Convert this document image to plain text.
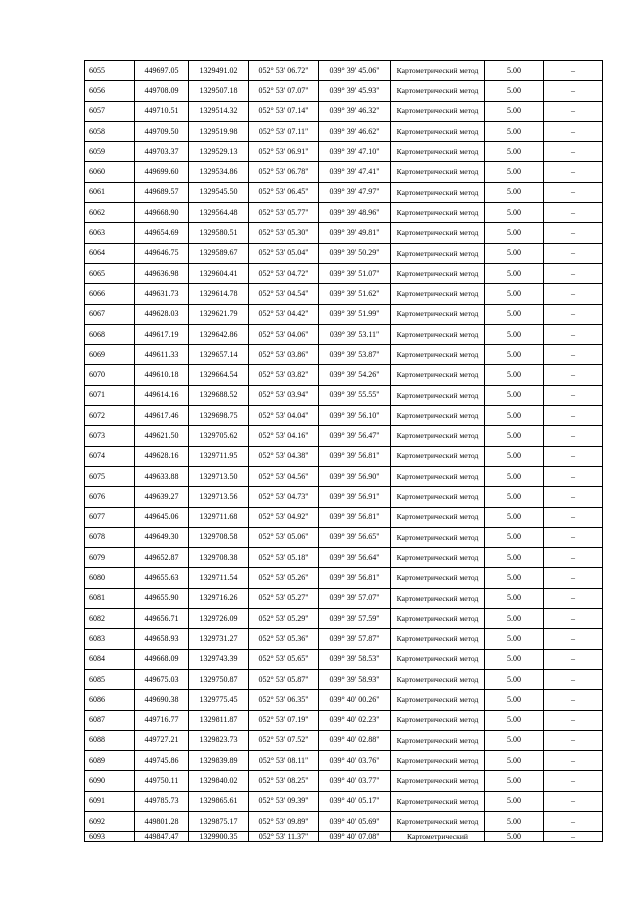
6055	449697.05	1329491.02	052° 53' 06.72"	039° 39' 45.06"	Картометрический метод	5.00	–
6056	449708.09	1329507.18	052° 53' 07.07"	039° 39' 45.93"	Картометрический метод	5.00	–
6057	449710.51	1329514.32	052° 53' 07.14"	039° 39' 46.32"	Картометрический метод	5.00	–
6058	449709.50	1329519.98	052° 53' 07.11"	039° 39' 46.62"	Картометрический метод	5.00	–
6059	449703.37	1329529.13	052° 53' 06.91"	039° 39' 47.10"	Картометрический метод	5.00	–
6060	449699.60	1329534.86	052° 53' 06.78"	039° 39' 47.41"	Картометрический метод	5.00	–
6061	449689.57	1329545.50	052° 53' 06.45"	039° 39' 47.97"	Картометрический метод	5.00	–
6062	449668.90	1329564.48	052° 53' 05.77"	039° 39' 48.96"	Картометрический метод	5.00	–
6063	449654.69	1329580.51	052° 53' 05.30"	039° 39' 49.81"	Картометрический метод	5.00	–
6064	449646.75	1329589.67	052° 53' 05.04"	039° 39' 50.29"	Картометрический метод	5.00	–
6065	449636.98	1329604.41	052° 53' 04.72"	039° 39' 51.07"	Картометрический метод	5.00	–
6066	449631.73	1329614.78	052° 53' 04.54"	039° 39' 51.62"	Картометрический метод	5.00	–
6067	449628.03	1329621.79	052° 53' 04.42"	039° 39' 51.99"	Картометрический метод	5.00	–
6068	449617.19	1329642.86	052° 53' 04.06"	039° 39' 53.11"	Картометрический метод	5.00	–
6069	449611.33	1329657.14	052° 53' 03.86"	039° 39' 53.87"	Картометрический метод	5.00	–
6070	449610.18	1329664.54	052° 53' 03.82"	039° 39' 54.26"	Картометрический метод	5.00	–
6071	449614.16	1329688.52	052° 53' 03.94"	039° 39' 55.55"	Картометрический метод	5.00	–
6072	449617.46	1329698.75	052° 53' 04.04"	039° 39' 56.10"	Картометрический метод	5.00	–
6073	449621.50	1329705.62	052° 53' 04.16"	039° 39' 56.47"	Картометрический метод	5.00	–
6074	449628.16	1329711.95	052° 53' 04.38"	039° 39' 56.81"	Картометрический метод	5.00	–
6075	449633.88	1329713.50	052° 53' 04.56"	039° 39' 56.90"	Картометрический метод	5.00	–
6076	449639.27	1329713.56	052° 53' 04.73"	039° 39' 56.91"	Картометрический метод	5.00	–
6077	449645.06	1329711.68	052° 53' 04.92"	039° 39' 56.81"	Картометрический метод	5.00	–
6078	449649.30	1329708.58	052° 53' 05.06"	039° 39' 56.65"	Картометрический метод	5.00	–
6079	449652.87	1329708.38	052° 53' 05.18"	039° 39' 56.64"	Картометрический метод	5.00	–
6080	449655.63	1329711.54	052° 53' 05.26"	039° 39' 56.81"	Картометрический метод	5.00	–
6081	449655.90	1329716.26	052° 53' 05.27"	039° 39' 57.07"	Картометрический метод	5.00	–
6082	449656.71	1329726.09	052° 53' 05.29"	039° 39' 57.59"	Картометрический метод	5.00	–
6083	449658.93	1329731.27	052° 53' 05.36"	039° 39' 57.87"	Картометрический метод	5.00	–
6084	449668.09	1329743.39	052° 53' 05.65"	039° 39' 58.53"	Картометрический метод	5.00	–
6085	449675.03	1329750.87	052° 53' 05.87"	039° 39' 58.93"	Картометрический метод	5.00	–
6086	449690.38	1329775.45	052° 53' 06.35"	039° 40' 00.26"	Картометрический метод	5.00	–
6087	449716.77	1329811.87	052° 53' 07.19"	039° 40' 02.23"	Картометрический метод	5.00	–
6088	449727.21	1329823.73	052° 53' 07.52"	039° 40' 02.88"	Картометрический метод	5.00	–
6089	449745.86	1329839.89	052° 53' 08.11"	039° 40' 03.76"	Картометрический метод	5.00	–
6090	449750.11	1329840.02	052° 53' 08.25"	039° 40' 03.77"	Картометрический метод	5.00	–
6091	449785.73	1329865.61	052° 53' 09.39"	039° 40' 05.17"	Картометрический метод	5.00	–
6092	449801.28	1329875.17	052° 53' 09.89"	039° 40' 05.69"	Картометрический метод	5.00	–
6093	449847.47	1329900.35	052° 53' 11.37"	039° 40' 07.08"	Картометрический	5.00	–
